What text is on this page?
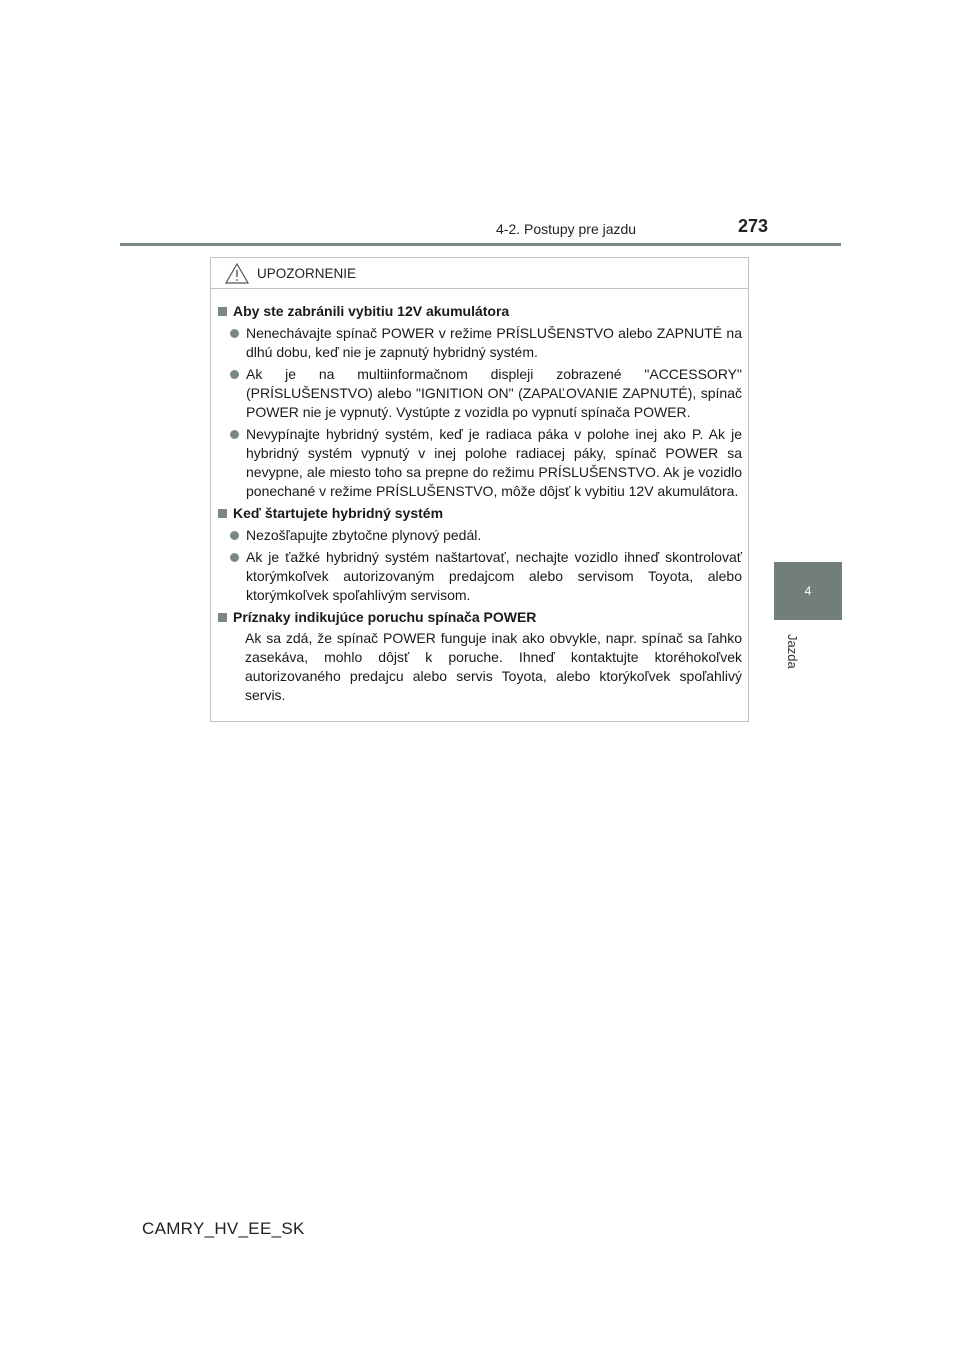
4-2. Postupy pre jazdu	273
4
Jazda
UPOZORNENIE
Aby ste zabránili vybitiu 12V akumulátora
Nenechávajte spínač POWER v režime PRÍSLUŠENSTVO alebo ZAPNUTÉ na dlhú dobu, keď nie je zapnutý hybridný systém.
Ak je na multiinformačnom displeji zobrazené "ACCESSORY" (PRÍSLUŠENSTVO) alebo "IGNITION ON" (ZAPAĽOVANIE ZAPNUTÉ), spínač POWER nie je vypnutý. Vystúpte z vozidla po vypnutí spínača POWER.
Nevypínajte hybridný systém, keď je radiaca páka v polohe inej ako P. Ak je hybridný systém vypnutý v inej polohe radiacej páky, spínač POWER sa nevypne, ale miesto toho sa prepne do režimu PRÍSLUŠENSTVO. Ak je vozidlo ponechané v režime PRÍSLUŠENSTVO, môže dôjsť k vybitiu 12V akumulátora.
Keď štartujete hybridný systém
Nezošľapujte zbytočne plynový pedál.
Ak je ťažké hybridný systém naštartovať, nechajte vozidlo ihneď skontrolovať ktorýmkoľvek autorizovaným predajcom alebo servisom Toyota, alebo ktorýmkoľvek spoľahlivým servisom.
Príznaky indikujúce poruchu spínača POWER
Ak sa zdá, že spínač POWER funguje inak ako obvykle, napr. spínač sa ľahko zasekáva, mohlo dôjsť k poruche. Ihneď kontaktujte ktoréhokoľvek autorizovaného predajcu alebo servis Toyota, alebo ktorýkoľvek spoľahlivý servis.
CAMRY_HV_EE_SK
